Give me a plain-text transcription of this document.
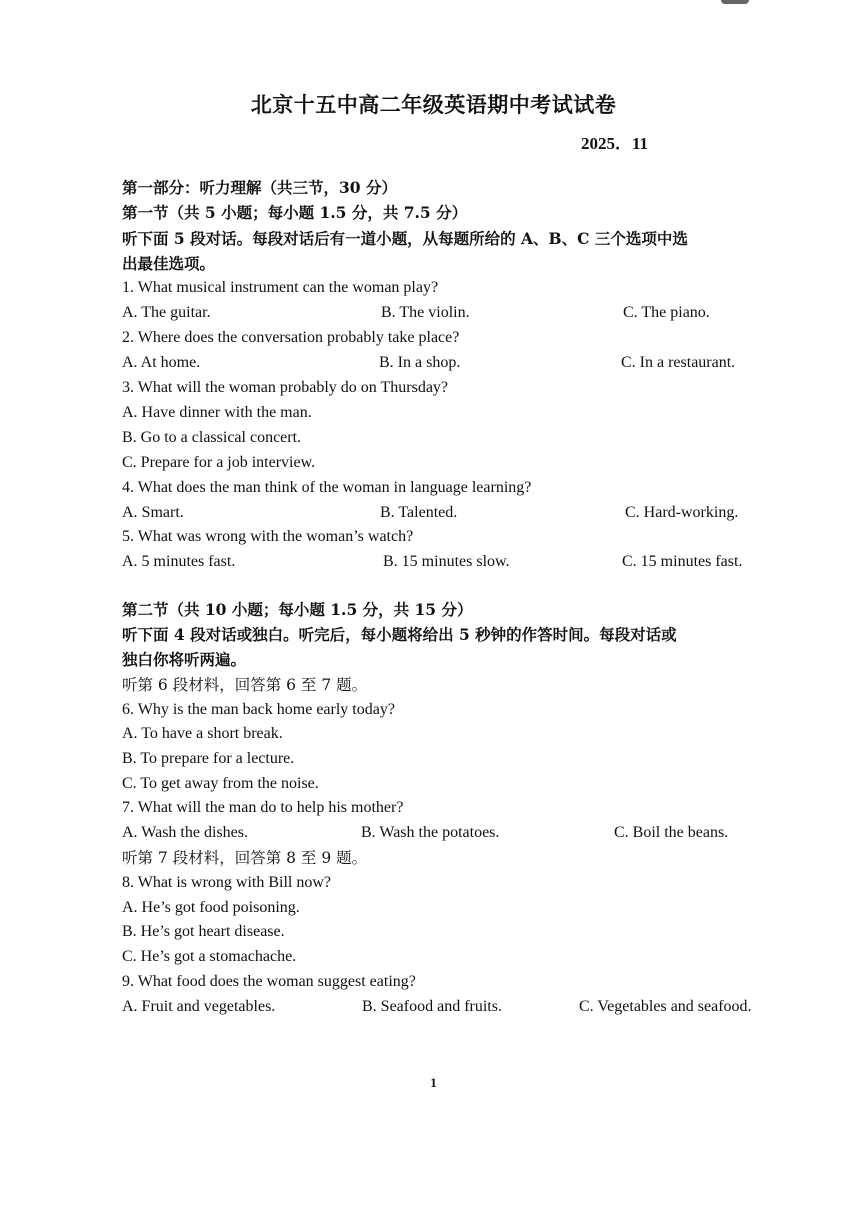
北京十五中高二年级英语期中考试试卷
2025．11
第一部分：听力理解（共三节，30 分）
第一节（共 5 小题；每小题 1.5 分，共 7.5 分）
听下面 5 段对话。每段对话后有一道小题，从每题所给的 A、B、C 三个选项中选
出最佳选项。
1. What musical instrument can the woman play?
A. The guitar.	B. The violin.	C. The piano.
2. Where does the conversation probably take place?
A. At home.	B. In a shop.	C. In a restaurant.
3. What will the woman probably do on Thursday?
A. Have dinner with the man.
B. Go to a classical concert.
C. Prepare for a job interview.
4. What does the man think of the woman in language learning?
A. Smart.	B. Talented.	C. Hard-working.
5. What was wrong with the woman’s watch?
A. 5 minutes fast.	B. 15 minutes slow.	C. 15 minutes fast.
第二节（共 10 小题；每小题 1.5 分，共 15 分）
听下面 4 段对话或独白。听完后，每小题将给出 5 秒钟的作答时间。每段对话或
独白你将听两遍。
听第 6 段材料，回答第 6 至 7 题。
6. Why is the man back home early today?
A. To have a short break.
B. To prepare for a lecture.
C. To get away from the noise.
7. What will the man do to help his mother?
A. Wash the dishes.	B. Wash the potatoes.	C. Boil the beans.
听第 7 段材料，回答第 8 至 9 题。
8. What is wrong with Bill now?
A. He’s got food poisoning.
B. He’s got heart disease.
C. He’s got a stomachache.
9. What food does the woman suggest eating?
A. Fruit and vegetables.	B. Seafood and fruits.	C. Vegetables and seafood.
1
